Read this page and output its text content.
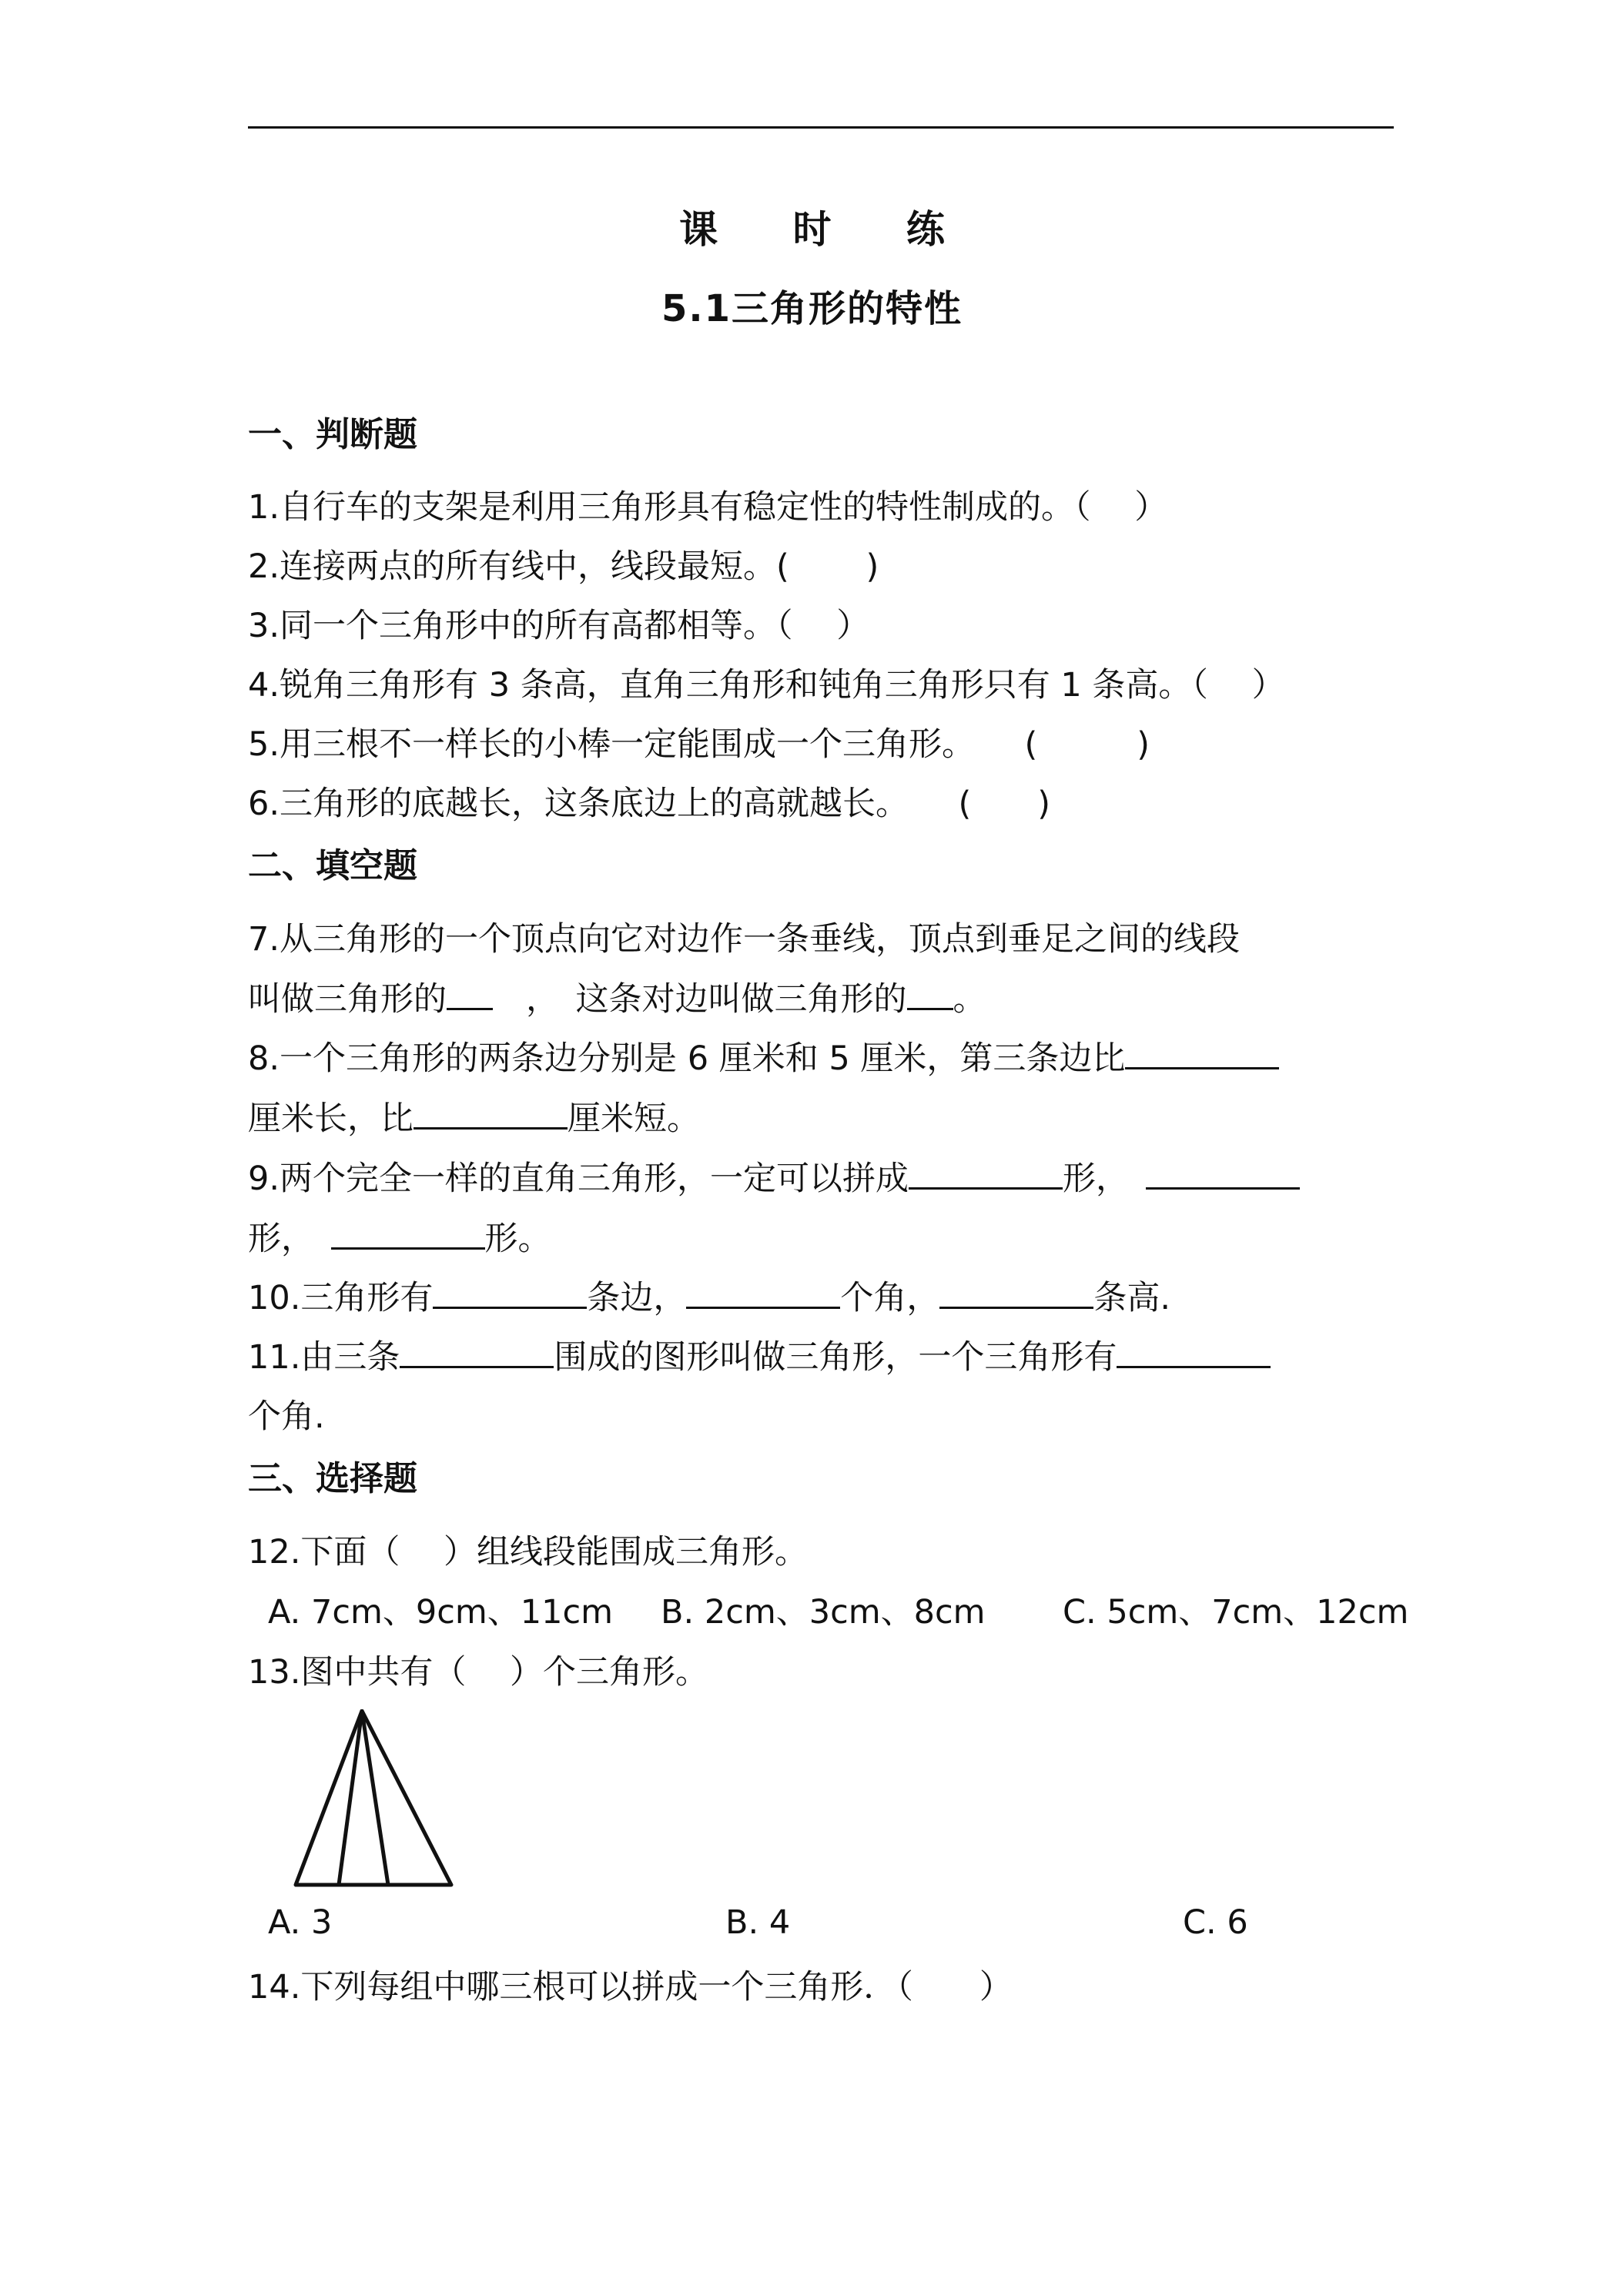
课 时 练
5.1三角形的特性
一、判断题
1.自行车的支架是利用三角形具有稳定性的特性制成的。（　 ）
2.连接两点的所有线中，线段最短。(　　 )
3.同一个三角形中的所有高都相等。（　 ）
4.锐角三角形有 3 条高，直角三角形和钝角三角形只有 1 条高。（　 ）
5.用三根不一样长的小棒一定能围成一个三角形。　　(　　　)
6.三角形的底越长，这条底边上的高就越长。　　(　　)
二、填空题
7.从三角形的一个顶点向它对边作一条垂线，顶点到垂足之间的线段
叫做三角形的　，　这条对边叫做三角形的 。
8.一个三角形的两条边分别是 6 厘米和 5 厘米，第三条边比
厘米长，比	厘米短。
9.两个完全一样的直角三角形，一定可以拼成	形，　
形，　	形。
10.三角形有	条边，	个角，	条高.
11.由三条	围成的图形叫做三角形，一个三角形有
个角.
三、选择题
12.下面（　 ）组线段能围成三角形。
A. 7cm、9cm、11cm B. 2cm、3cm、8cm C. 5cm、7cm、12cm
13.图中共有（　 ）个三角形。
A. 3	B. 4	C. 6
14.下列每组中哪三根可以拼成一个三角形．（　　）
